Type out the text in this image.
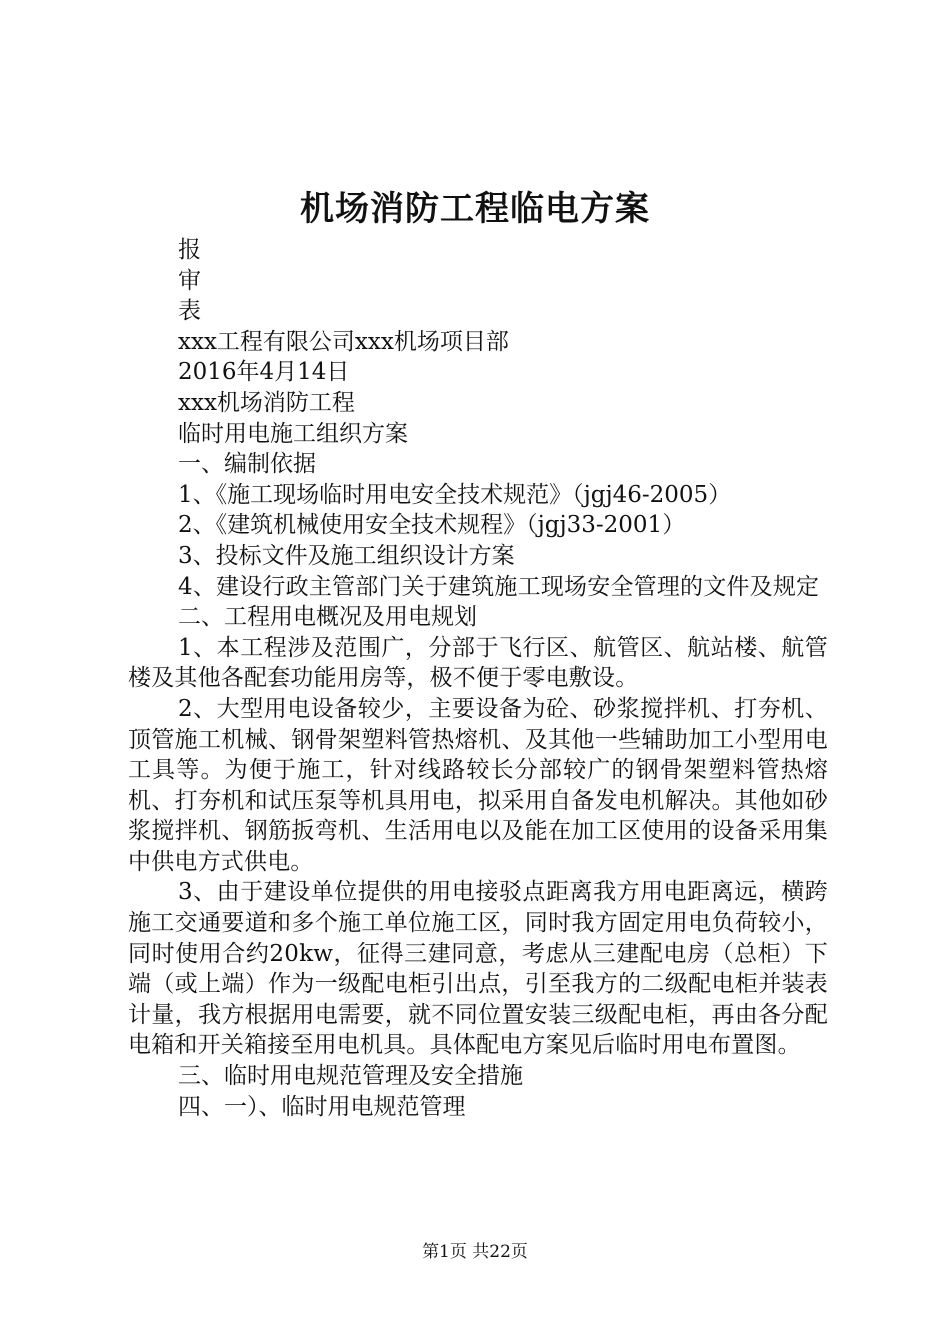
机场消防工程临电方案

报

审

表

xxx工程有限公司xxx机场项目部

2016年4月14日

xxx机场消防工程

临时用电施工组织方案

一、编制依据

1、《施工现场临时用电安全技术规范》（jgj46-2005）

2、《建筑机械使用安全技术规程》（jgj33-2001）

3、投标文件及施工组织设计方案

4、建设行政主管部门关于建筑施工现场安全管理的文件及规定

二、工程用电概况及用电规划

1、本工程涉及范围广，分部于飞行区、航管区、航站楼、航管楼及其他各配套功能用房等，极不便于零电敷设。

2、大型用电设备较少，主要设备为砼、砂浆搅拌机、打夯机、顶管施工机械、钢骨架塑料管热熔机、及其他一些辅助加工小型用电工具等。为便于施工，针对线路较长分部较广的钢骨架塑料管热熔机、打夯机和试压泵等机具用电，拟采用自备发电机解决。其他如砂浆搅拌机、钢筋扳弯机、生活用电以及能在加工区使用的设备采用集中供电方式供电。

3、由于建设单位提供的用电接驳点距离我方用电距离远，横跨施工交通要道和多个施工单位施工区，同时我方固定用电负荷较小，同时使用合约20kw，征得三建同意，考虑从三建配电房（总柜）下端（或上端）作为一级配电柜引出点，引至我方的二级配电柜并装表计量，我方根据用电需要，就不同位置安装三级配电柜，再由各分配电箱和开关箱接至用电机具。具体配电方案见后临时用电布置图。

三、临时用电规范管理及安全措施

四、一）、临时用电规范管理

第1页 共22页
